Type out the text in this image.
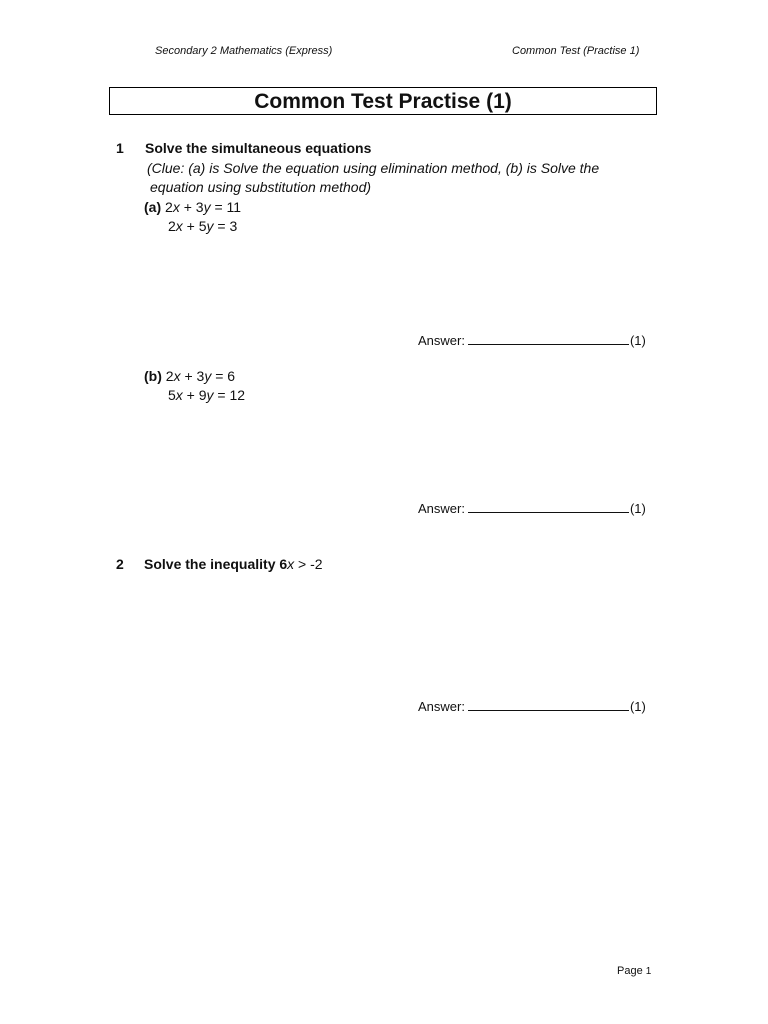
Secondary 2 Mathematics (Express)	Common Test (Practise 1)
Common Test Practise (1)
1 Solve the simultaneous equations
(Clue: (a) is Solve the equation using elimination method, (b) is Solve the
equation using substitution method)
(a) 2x + 3y = 11
2x + 5y = 3
Answer:	(1)
(b) 2x + 3y = 6
5x + 9y = 12
Answer:	(1)
2 Solve the inequality 6x > -2
Answer:	(1)
Page 1
